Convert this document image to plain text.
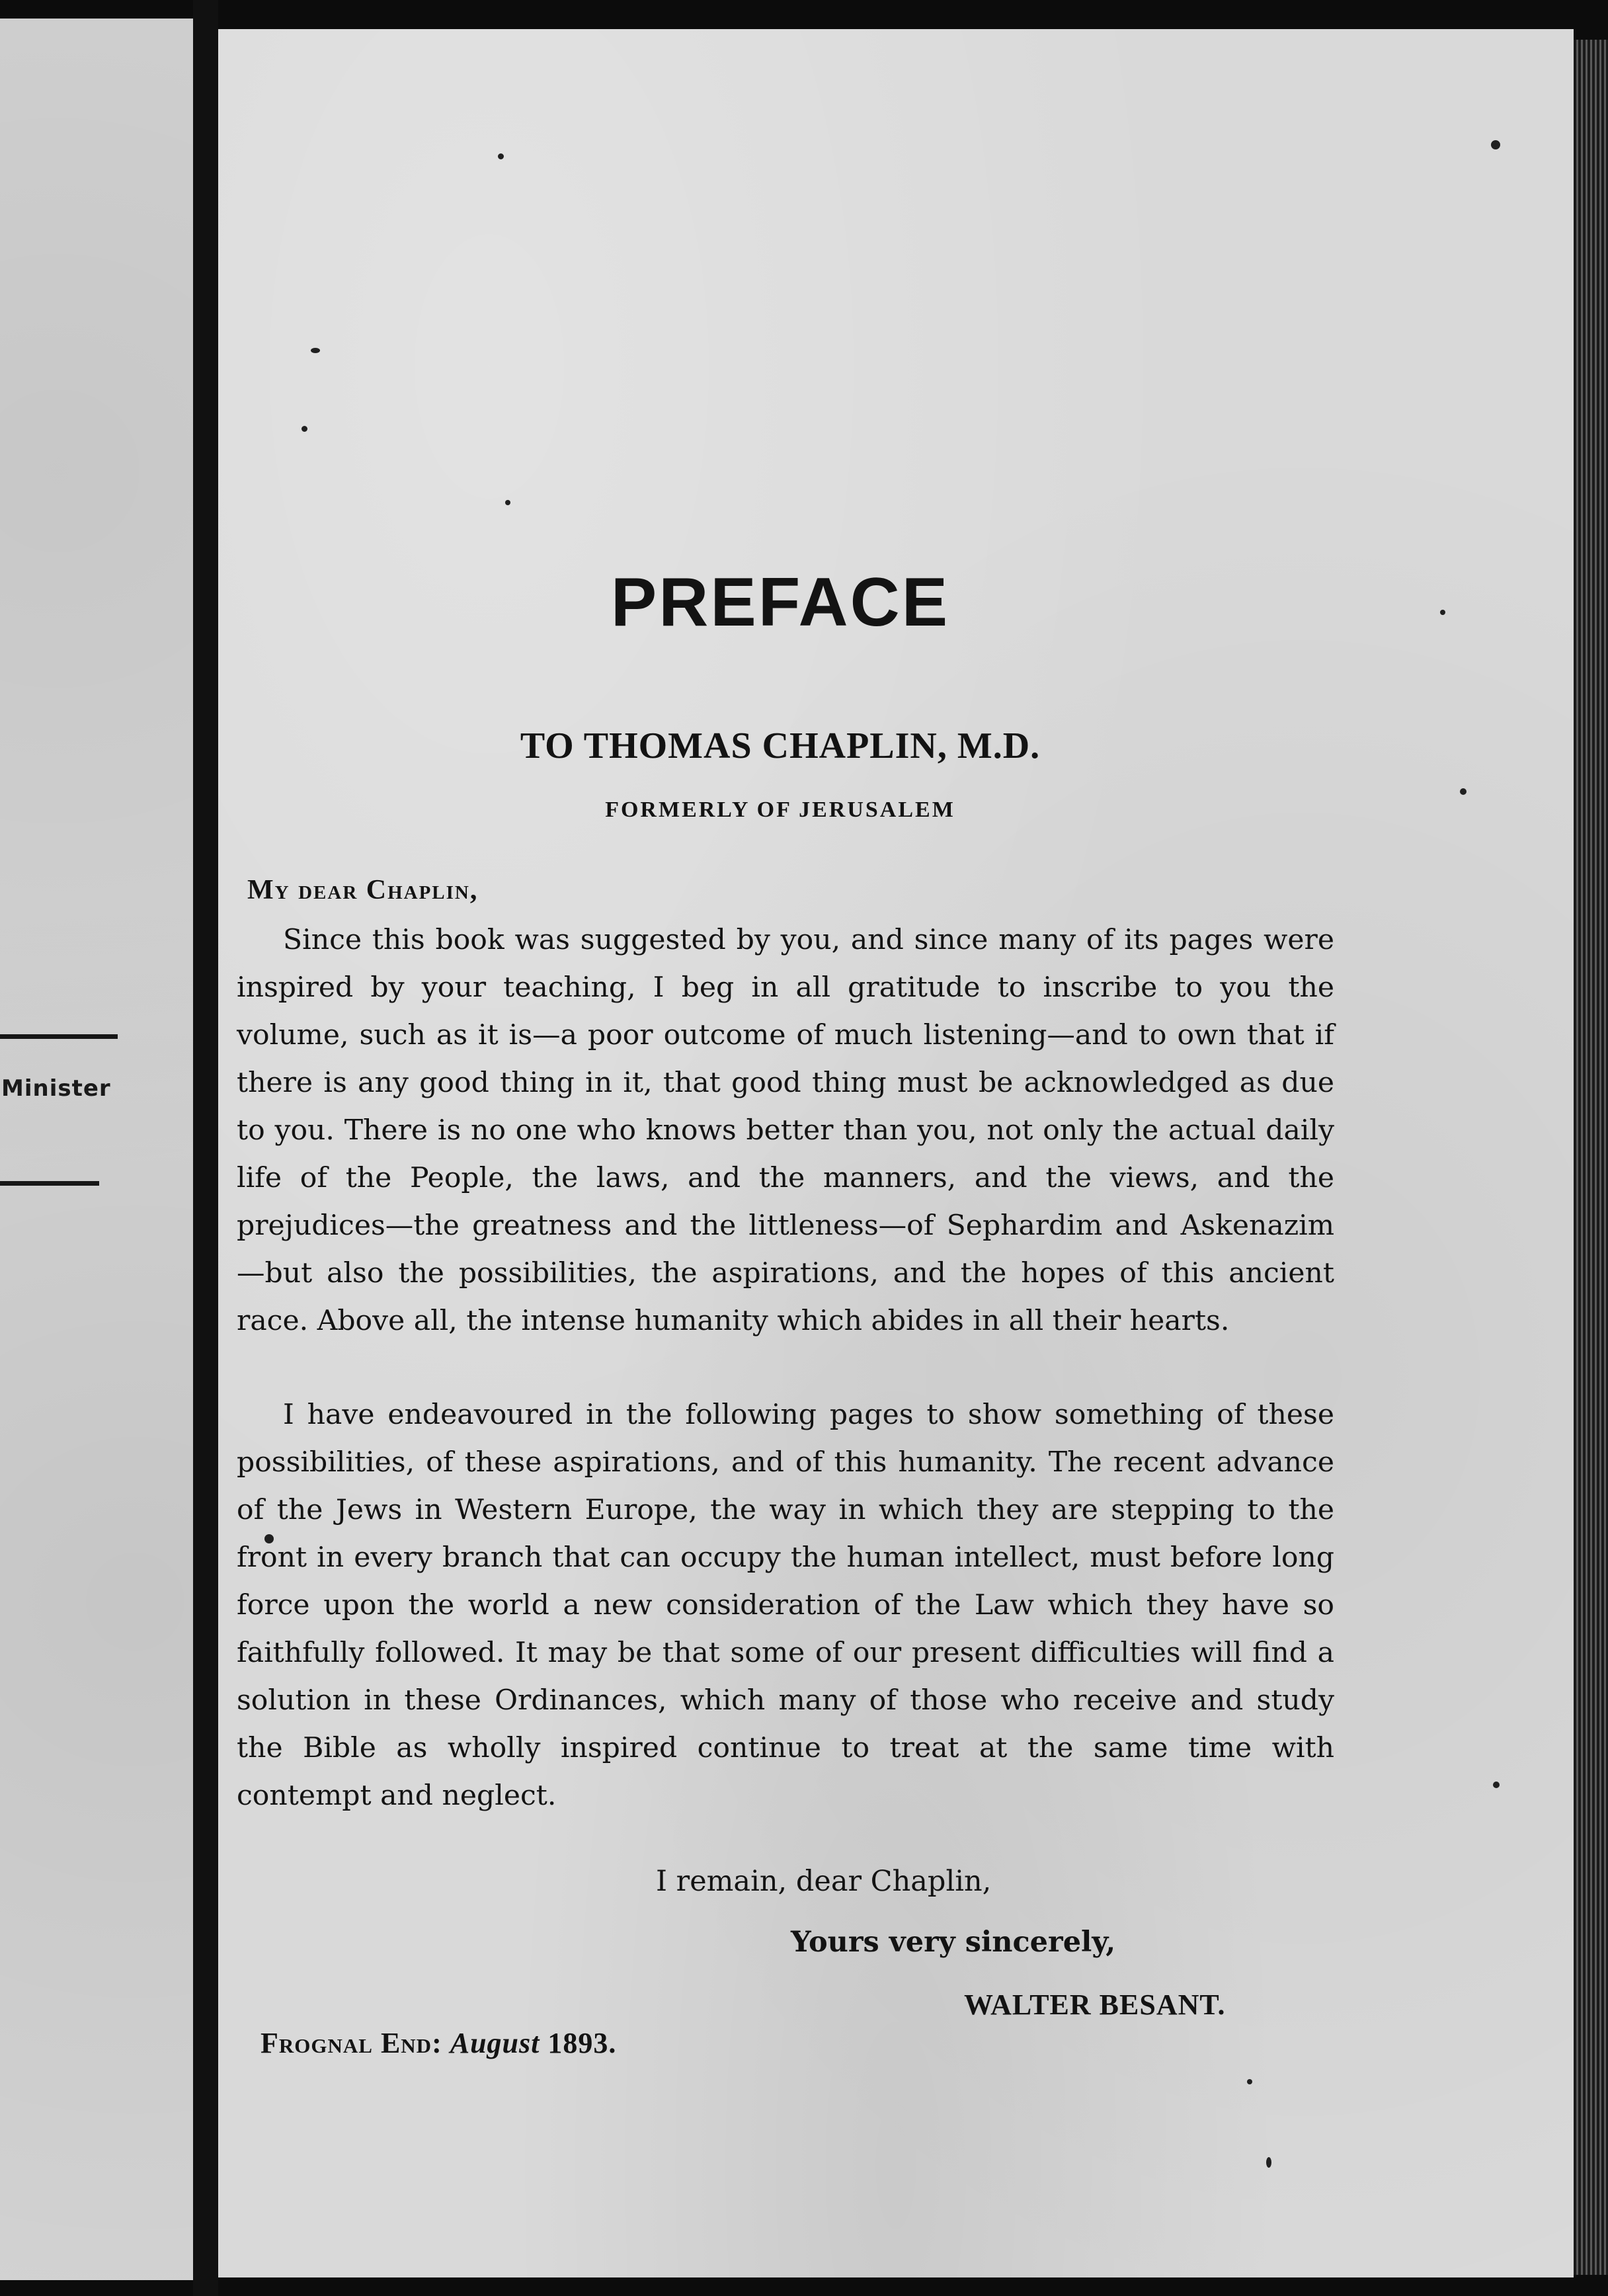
Minister
PREFACE
TO THOMAS CHAPLIN, M.D.
FORMERLY OF JERUSALEM
My dear Chaplin,

Since this book was suggested by you, and since many of its pages were inspired by your teaching, I beg in all gratitude to inscribe to you the volume, such as it is—a poor outcome of much listening—and to own that if there is any good thing in it, that good thing must be acknowledged as due to you. There is no one who knows better than you, not only the actual daily life of the People, the laws, and the manners, and the views, and the prejudices—the greatness and the littleness—of Sephardim and Askenazim—but also the possibilities, the aspirations, and the hopes of this ancient race. Above all, the intense humanity which abides in all their hearts.

I have endeavoured in the following pages to show something of these possibilities, of these aspirations, and of this humanity. The recent advance of the Jews in Western Europe, the way in which they are stepping to the front in every branch that can occupy the human intellect, must before long force upon the world a new consideration of the Law which they have so faithfully followed. It may be that some of our present difficulties will find a solution in these Ordinances, which many of those who receive and study the Bible as wholly inspired continue to treat at the same time with contempt and neglect.

I remain, dear Chaplin,
Yours very sincerely,
WALTER BESANT.
Frognal End: August 1893.
